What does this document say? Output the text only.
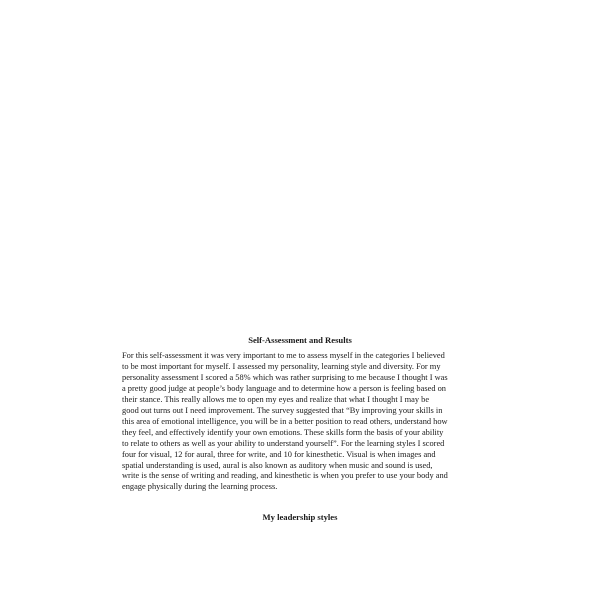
Self-Assessment and Results

For this self-assessment it was very important to me to assess myself in the categories I believed
to be most important for myself. I assessed my personality, learning style and diversity. For my
personality assessment I scored a 58% which was rather surprising to me because I thought I was
a pretty good judge at people’s body language and to determine how a person is feeling based on
their stance. This really allows me to open my eyes and realize that what I thought I may be
good out turns out I need improvement. The survey suggested that “By improving your skills in
this area of emotional intelligence, you will be in a better position to read others, understand how
they feel, and effectively identify your own emotions. These skills form the basis of your ability
to relate to others as well as your ability to understand yourself”. For the learning styles I scored
four for visual, 12 for aural, three for write, and 10 for kinesthetic. Visual is when images and
spatial understanding is used, aural is also known as auditory when music and sound is used,
write is the sense of writing and reading, and kinesthetic is when you prefer to use your body and
engage physically during the learning process.

My leadership styles
